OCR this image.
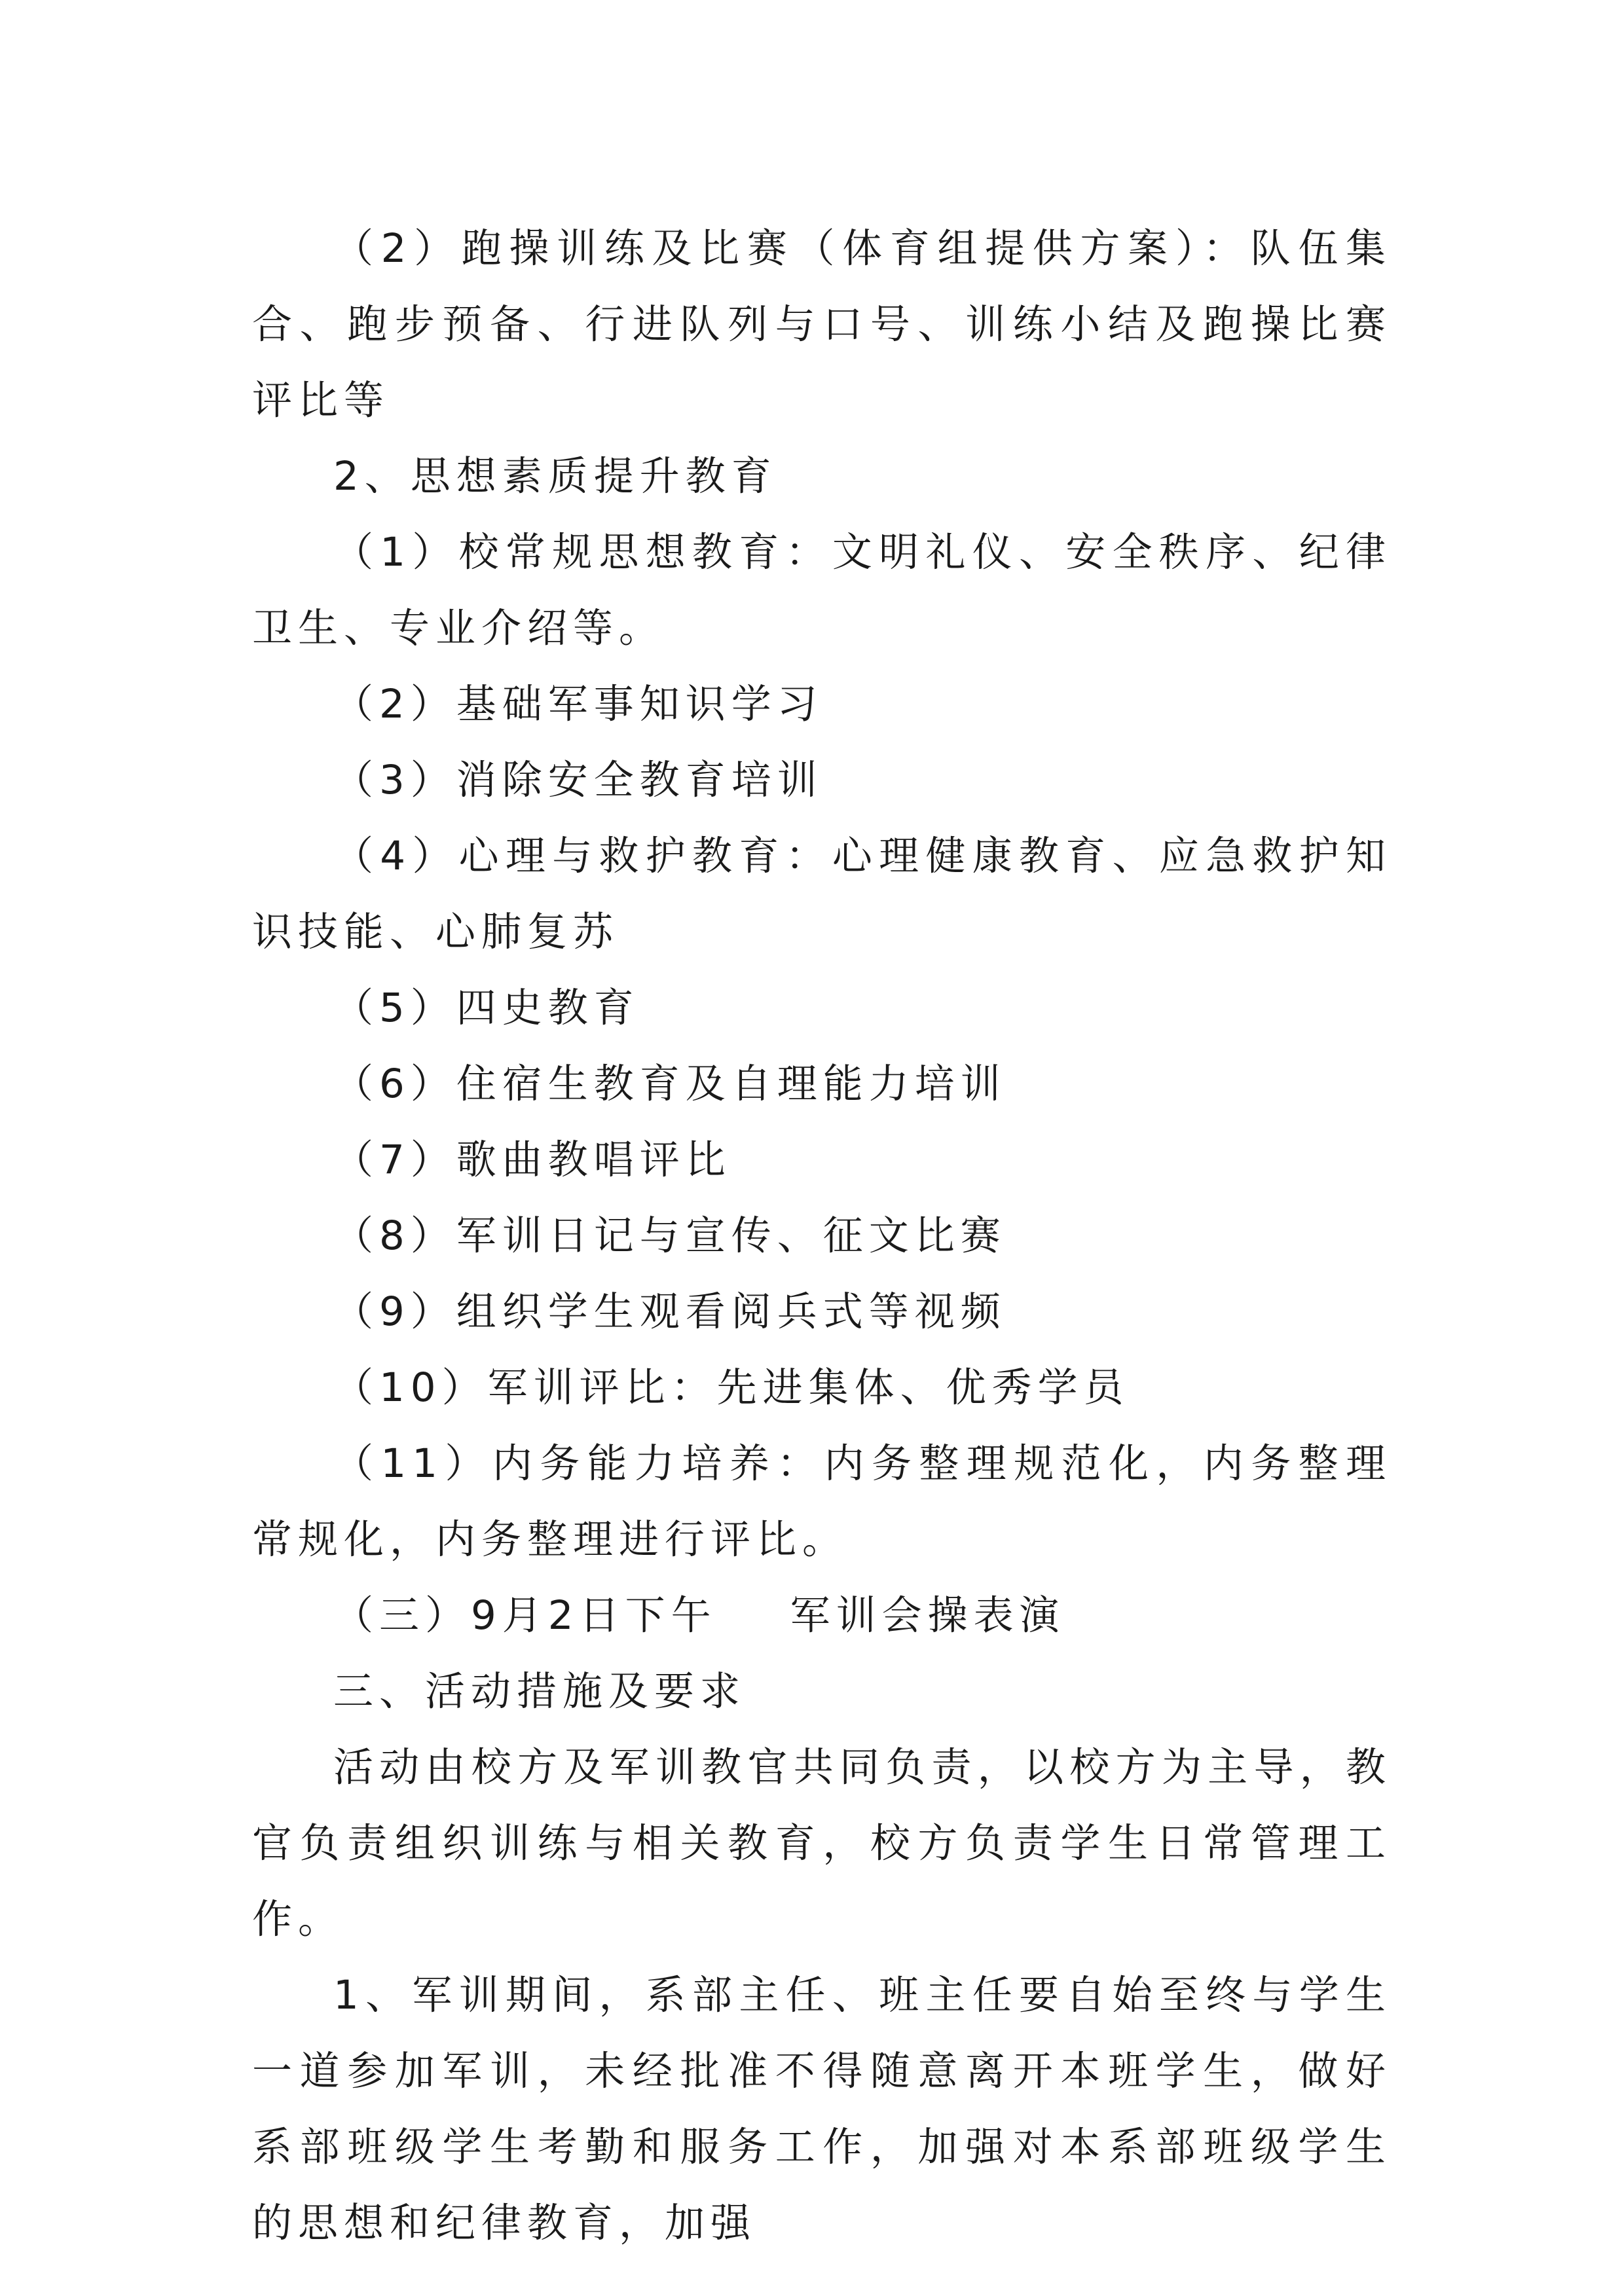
（2）跑操训练及比赛（体育组提供方案）：队伍集合、跑步预备、行进队列与口号、训练小结及跑操比赛评比等

2、思想素质提升教育

（1）校常规思想教育：文明礼仪、安全秩序、纪律卫生、专业介绍等。

（2）基础军事知识学习

（3）消除安全教育培训

（4）心理与救护教育：心理健康教育、应急救护知识技能、心肺复苏

（5）四史教育

（6）住宿生教育及自理能力培训

（7）歌曲教唱评比

（8）军训日记与宣传、征文比赛

（9）组织学生观看阅兵式等视频

（10）军训评比：先进集体、优秀学员

（11）内务能力培养：内务整理规范化，内务整理常规化，内务整理进行评比。

（三）9月2日下午 军训会操表演

三、活动措施及要求

活动由校方及军训教官共同负责，以校方为主导，教官负责组织训练与相关教育，校方负责学生日常管理工作。

1、军训期间，系部主任、班主任要自始至终与学生一道参加军训，未经批准不得随意离开本班学生，做好系部班级学生考勤和服务工作，加强对本系部班级学生的思想和纪律教育，加强
